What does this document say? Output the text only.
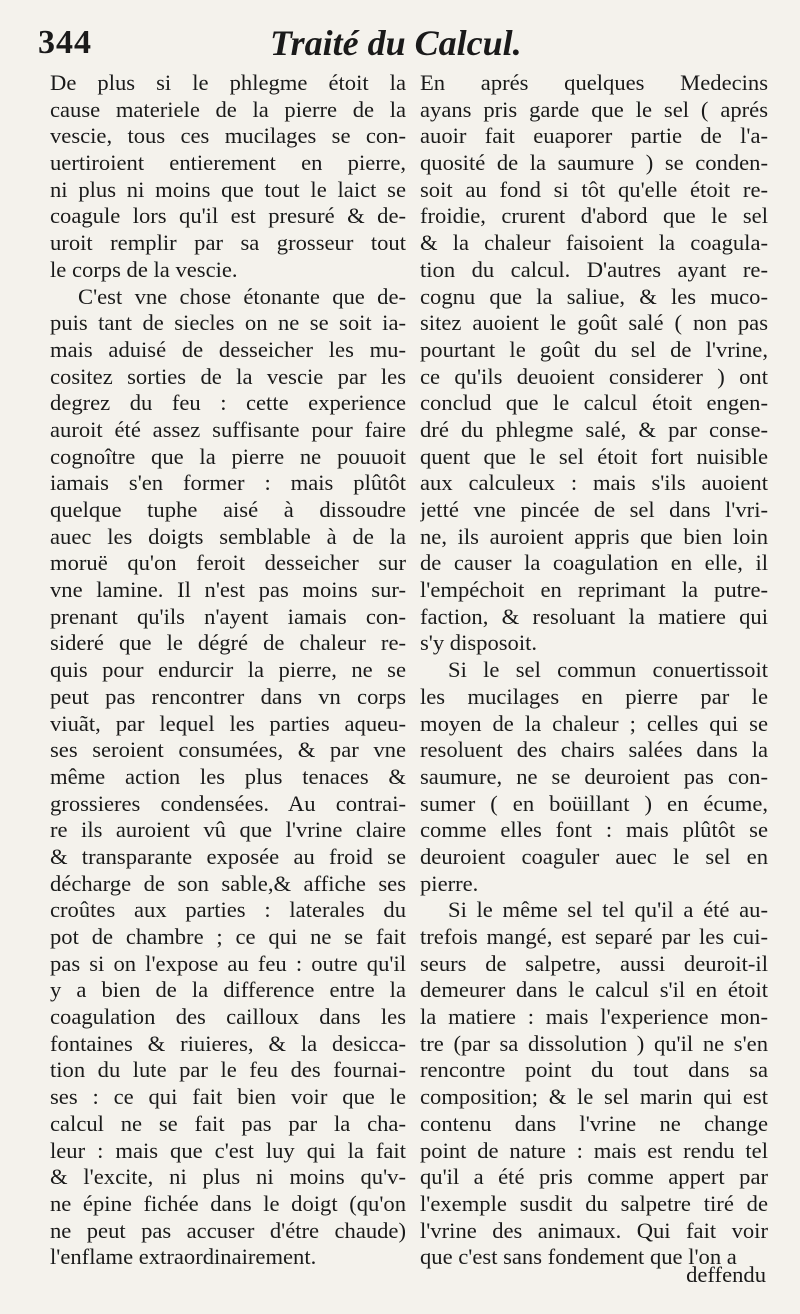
344	Traité du Calcul.
De plus si le phlegme étoit la
cause materiele de la pierre de la
vescie, tous ces mucilages se con-
uertiroient entierement en pierre,
ni plus ni moins que tout le laict se
coagule lors qu'il est presuré & de-
uroit remplir par sa grosseur tout
le corps de la vescie.
C'est vne chose étonante que de-
puis tant de siecles on ne se soit ia-
mais aduisé de desseicher les mu-
cositez sorties de la vescie par les
degrez du feu : cette experience
auroit été assez suffisante pour faire
cognoître que la pierre ne pouuoit
iamais s'en former : mais plûtôt
quelque tuphe aisé à dissoudre
auec les doigts semblable à de la
moruë qu'on feroit desseicher sur
vne lamine. Il n'est pas moins sur-
prenant qu'ils n'ayent iamais con-
sideré que le dégré de chaleur re-
quis pour endurcir la pierre, ne se
peut pas rencontrer dans vn corps
viuãt, par lequel les parties aqueu-
ses seroient consumées, & par vne
même action les plus tenaces &
grossieres condensées. Au contrai-
re ils auroient vû que l'vrine claire
& transparante exposée au froid se
décharge de son sable,& affiche ses
croûtes aux parties : laterales du
pot de chambre ; ce qui ne se fait
pas si on l'expose au feu : outre qu'il
y a bien de la difference entre la
coagulation des cailloux dans les
fontaines & riuieres, & la desicca-
tion du lute par le feu des fournai-
ses : ce qui fait bien voir que le
calcul ne se fait pas par la cha-
leur : mais que c'est luy qui la fait
& l'excite, ni plus ni moins qu'v-
ne épine fichée dans le doigt (qu'on
ne peut pas accuser d'étre chaude)
l'enflame extraordinairement.
En aprés quelques Medecins
ayans pris garde que le sel ( aprés
auoir fait euaporer partie de l'a-
quosité de la saumure ) se conden-
soit au fond si tôt qu'elle étoit re-
froidie, crurent d'abord que le sel
& la chaleur faisoient la coagula-
tion du calcul. D'autres ayant re-
cognu que la saliue, & les muco-
sitez auoient le goût salé ( non pas
pourtant le goût du sel de l'vrine,
ce qu'ils deuoient considerer ) ont
conclud que le calcul étoit engen-
dré du phlegme salé, & par conse-
quent que le sel étoit fort nuisible
aux calculeux : mais s'ils auoient
jetté vne pincée de sel dans l'vri-
ne, ils auroient appris que bien loin
de causer la coagulation en elle, il
l'empéchoit en reprimant la putre-
faction, & resoluant la matiere qui
s'y disposoit.
Si le sel commun conuertissoit
les mucilages en pierre par le
moyen de la chaleur ; celles qui se
resoluent des chairs salées dans la
saumure, ne se deuroient pas con-
sumer ( en boüillant ) en écume,
comme elles font : mais plûtôt se
deuroient coaguler auec le sel en
pierre.
Si le même sel tel qu'il a été au-
trefois mangé, est separé par les cui-
seurs de salpetre, aussi deuroit-il
demeurer dans le calcul s'il en étoit
la matiere : mais l'experience mon-
tre (par sa dissolution ) qu'il ne s'en
rencontre point du tout dans sa
composition; & le sel marin qui est
contenu dans l'vrine ne change
point de nature : mais est rendu tel
qu'il a été pris comme appert par
l'exemple susdit du salpetre tiré de
l'vrine des animaux. Qui fait voir
que c'est sans fondement que l'on a
deffendu
